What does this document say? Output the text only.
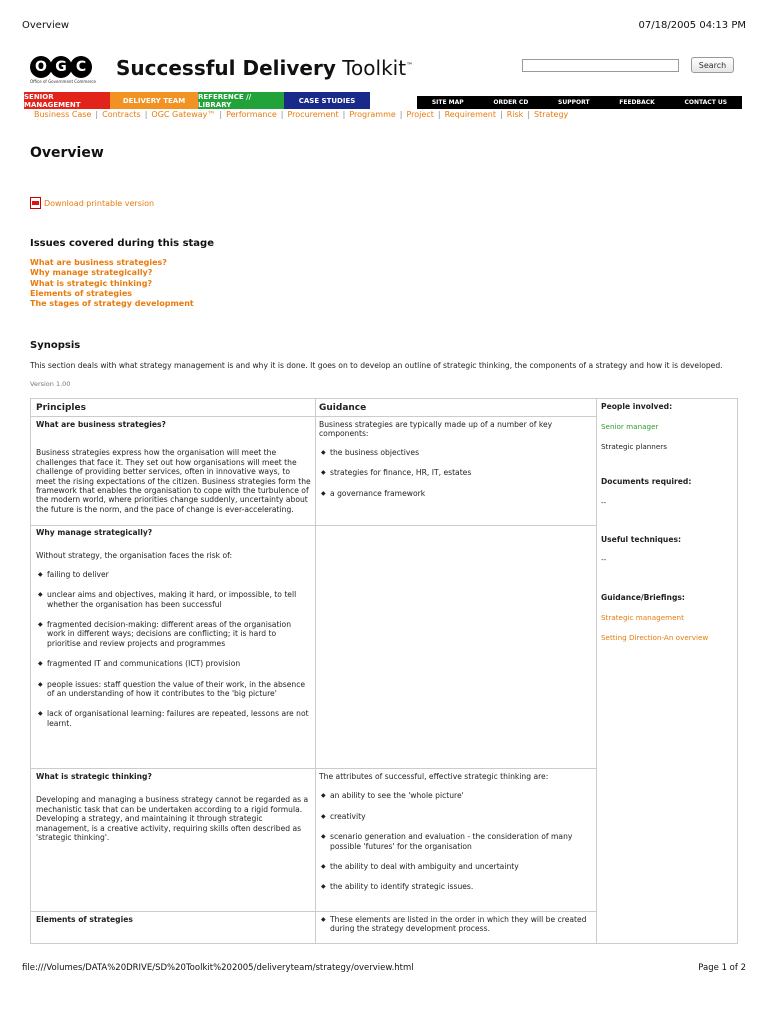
Overview	07/18/2005 04:13 PM
O G C
Office of Government Commerce
Successful Delivery Toolkit™	Search
SENIOR MANAGEMENT	DELIVERY TEAM	REFERENCE // LIBRARY	CASE STUDIES	SITE MAP	ORDER CD	SUPPORT	FEEDBACK	CONTACT US
Business Case | Contracts | OGC Gateway™ | Performance | Procurement | Programme | Project | Requirement | Risk | Strategy
Overview
Download printable version
Issues covered during this stage
What are business strategies?
Why manage strategically?
What is strategic thinking?
Elements of strategies
The stages of strategy development
Synopsis
This section deals with what strategy management is and why it is done. It goes on to develop an outline of strategic thinking, the components of a strategy and how it is developed.
Version 1.00
Principles	Guidance
What are business strategies?
Business strategies express how the organisation will meet the challenges that face it. They set out how organisations will meet the challenge of providing better services, often in innovative ways, to meet the rising expectations of the citizen. Business strategies form the framework that enables the organisation to cope with the turbulence of the modern world, where priorities change suddenly, uncertainty about the future is the norm, and the pace of change is ever-accelerating.
Business strategies are typically made up of a number of key components:
◆ the business objectives
◆ strategies for finance, HR, IT, estates
◆ a governance framework
Why manage strategically?
Without strategy, the organisation faces the risk of:
◆ failing to deliver
◆ unclear aims and objectives, making it hard, or impossible, to tell whether the organisation has been successful
◆ fragmented decision-making: different areas of the organisation work in different ways; decisions are conflicting; it is hard to prioritise and review projects and programmes
◆ fragmented IT and communications (ICT) provision
◆ people issues: staff question the value of their work, in the absence of an understanding of how it contributes to the 'big picture'
◆ lack of organisational learning: failures are repeated, lessons are not learnt.
What is strategic thinking?
Developing and managing a business strategy cannot be regarded as a mechanistic task that can be undertaken according to a rigid formula. Developing a strategy, and maintaining it through strategic management, is a creative activity, requiring skills often described as 'strategic thinking'.
The attributes of successful, effective strategic thinking are:
◆ an ability to see the 'whole picture'
◆ creativity
◆ scenario generation and evaluation - the consideration of many possible 'futures' for the organisation
◆ the ability to deal with ambiguity and uncertainty
◆ the ability to identify strategic issues.
Elements of strategies
◆	These elements are listed in the order in which they will be created during the strategy development process.
People involved:
Senior manager
Strategic planners
Documents required:
--
Useful techniques:
--
Guidance/Briefings:
Strategic management
Setting Direction-An overview
file:///Volumes/DATA%20DRIVE/SD%20Toolkit%202005/deliveryteam/strategy/overview.html	Page 1 of 2
